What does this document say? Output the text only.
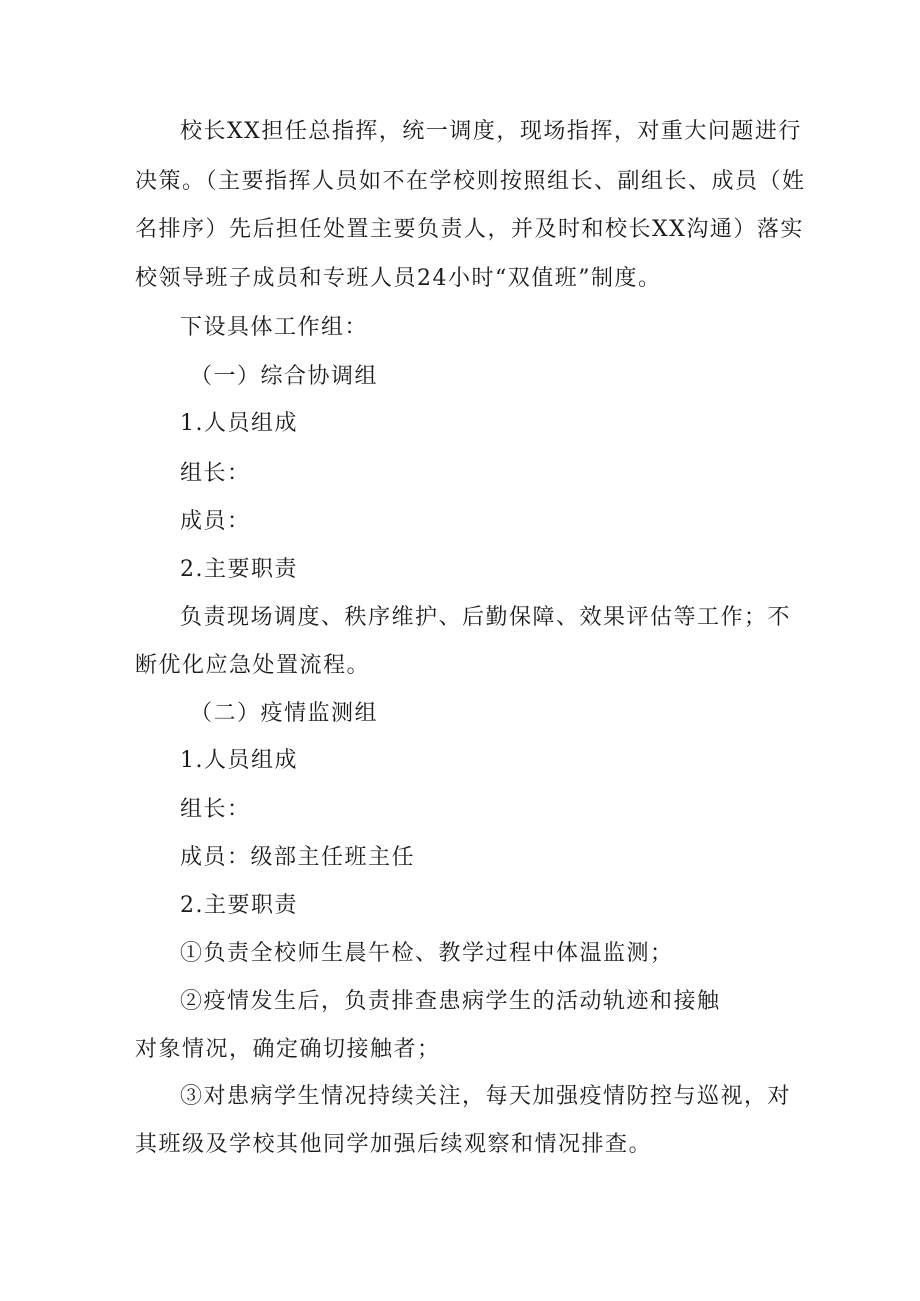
校长XX担任总指挥，统一调度，现场指挥，对重大问题进行
决策。（主要指挥人员如不在学校则按照组长、副组长、成员（姓
名排序）先后担任处置主要负责人，并及时和校长XX沟通）落实
校领导班子成员和专班人员24小时“双值班”制度。
下设具体工作组：
（一）综合协调组
1.人员组成
组长：
成员：
2.主要职责
负责现场调度、秩序维护、后勤保障、效果评估等工作；不
断优化应急处置流程。
（二）疫情监测组
1.人员组成
组长：
成员：级部主任班主任
2.主要职责
①负责全校师生晨午检、教学过程中体温监测；
②疫情发生后，负责排查患病学生的活动轨迹和接触
对象情况，确定确切接触者；
③对患病学生情况持续关注，每天加强疫情防控与巡视，对
其班级及学校其他同学加强后续观察和情况排查。
